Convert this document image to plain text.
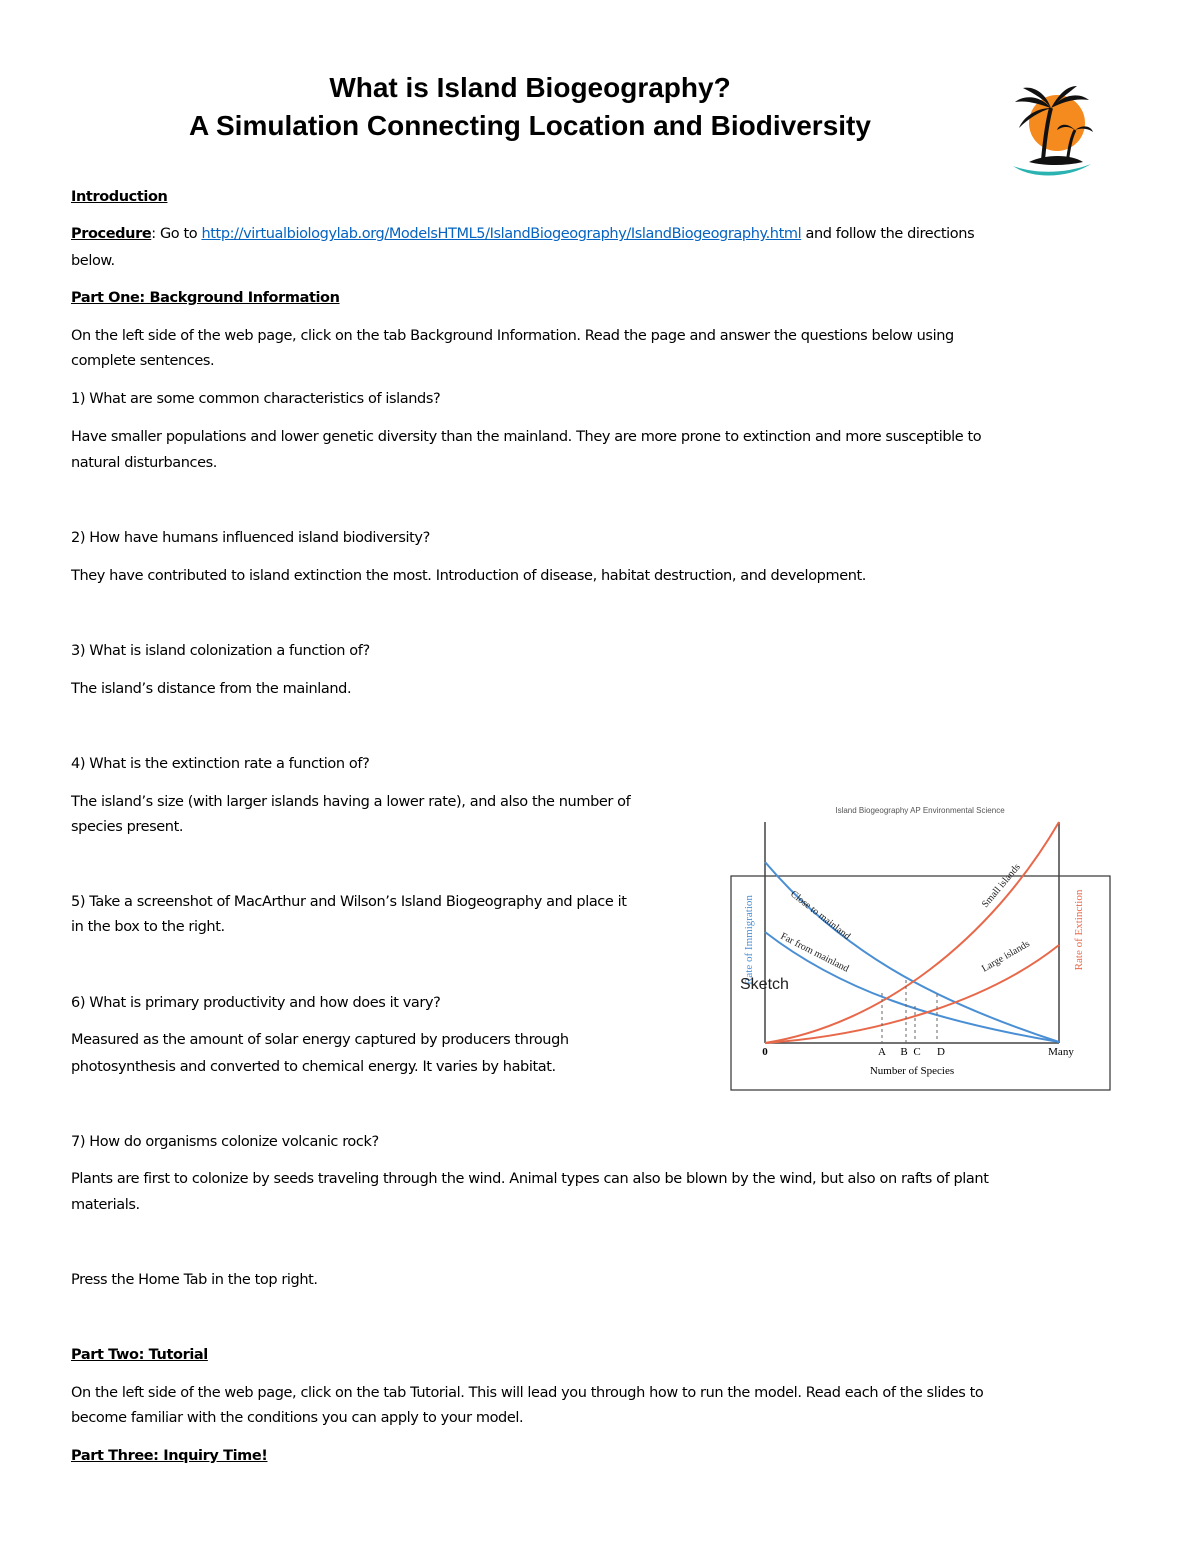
What is Island Biogeography?
A Simulation Connecting Location and Biodiversity

Introduction

Procedure: Go to http://virtualbiologylab.org/ModelsHTML5/IslandBiogeography/IslandBiogeography.html and follow the directions

below.

Part One: Background Information

On the left side of the web page, click on the tab Background Information. Read the page and answer the questions below using

complete sentences.

1) What are some common characteristics of islands?

Have smaller populations and lower genetic diversity than the mainland. They are more prone to extinction and more susceptible to

natural disturbances.

2) How have humans influenced island biodiversity?

They have contributed to island extinction the most. Introduction of disease, habitat destruction, and development.

3) What is island colonization a function of?

The island’s distance from the mainland.

4) What is the extinction rate a function of?

The island’s size (with larger islands having a lower rate), and also the number of

species present.

5) Take a screenshot of MacArthur and Wilson’s Island Biogeography and place it

in the box to the right.

6) What is primary productivity and how does it vary?

Measured as the amount of solar energy captured by producers through

photosynthesis and converted to chemical energy. It varies by habitat.

7) How do organisms colonize volcanic rock?

Plants are first to colonize by seeds traveling through the wind. Animal types can also be blown by the wind, but also on rafts of plant

materials.

Press the Home Tab in the top right.

Part Two: Tutorial

On the left side of the web page, click on the tab Tutorial. This will lead you through how to run the model. Read each of the slides to

become familiar with the conditions you can apply to your model.

Part Three: Inquiry Time!

Island Biogeography AP Environmental Science
Rate of Immigration	Rate of Extinction
Close to mainland
Far from mainland
Small islands
Large islands
Sketch
0	Many
A B C D
Number of Species
